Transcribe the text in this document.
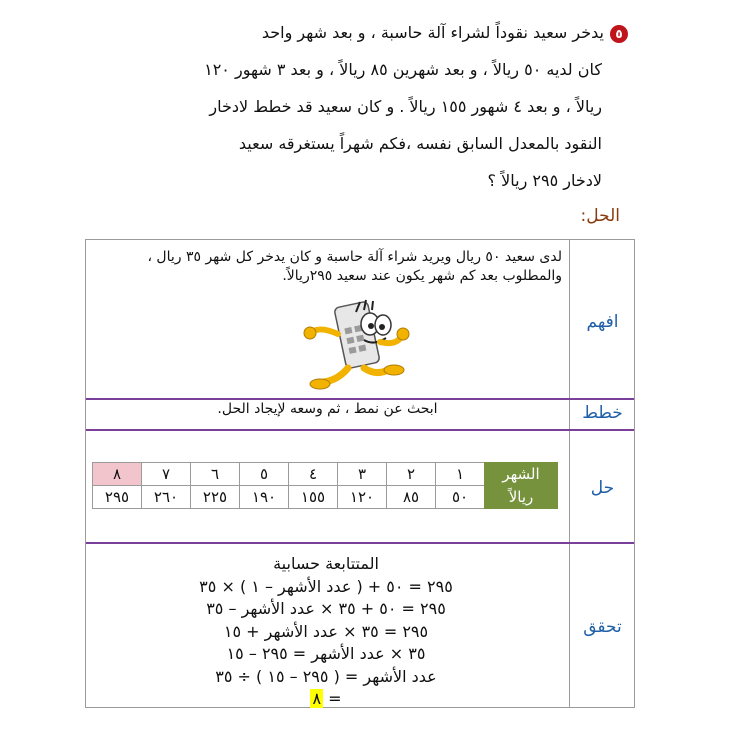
٥يدخر سعيد نقوداً لشراء آلة حاسبة ، و بعد شهر واحد
كان لديه ٥٠ ريالاً ، و بعد شهرين ٨٥ ريالاً ، و بعد ٣ شهور ١٢٠
ريالاً ، و بعد ٤ شهور ١٥٥ ريالاً . و كان سعيد قد خطط لادخار
النقود بالمعدل السابق نفسه ،فكم شهراً يستغرقه سعيد
لادخار ٢٩٥ ريالاً ؟
الحل:
افهم
خطط
حل
تحقق
لدى سعيد ٥٠ ريال ويريد شراء آلة حاسبة و كان يدخر كل شهر ٣٥ ريال ، والمطلوب بعد كم شهر يكون عند سعيد ٢٩٥ريالاً.
ابحث عن نمط ، ثم وسعه لإيجاد الحل.
الشهر	١	٢	٣	٤	٥	٦	٧	٨
ريالاً	٥٠	٨٥	١٢٠	١٥٥	١٩٠	٢٢٥	٢٦٠	٢٩٥
المتتابعة حسابية
٢٩٥ = ٥٠ + ( عدد الأشهر – ١ ) × ٣٥
٢٩٥ = ٥٠ + ٣٥ × عدد الأشهر – ٣٥
٢٩٥ = ٣٥ × عدد الأشهر + ١٥
٣٥ × عدد الأشهر = ٢٩٥ – ١٥
عدد الأشهر = ( ٢٩٥ – ١٥ ) ÷ ٣٥
= ٨
